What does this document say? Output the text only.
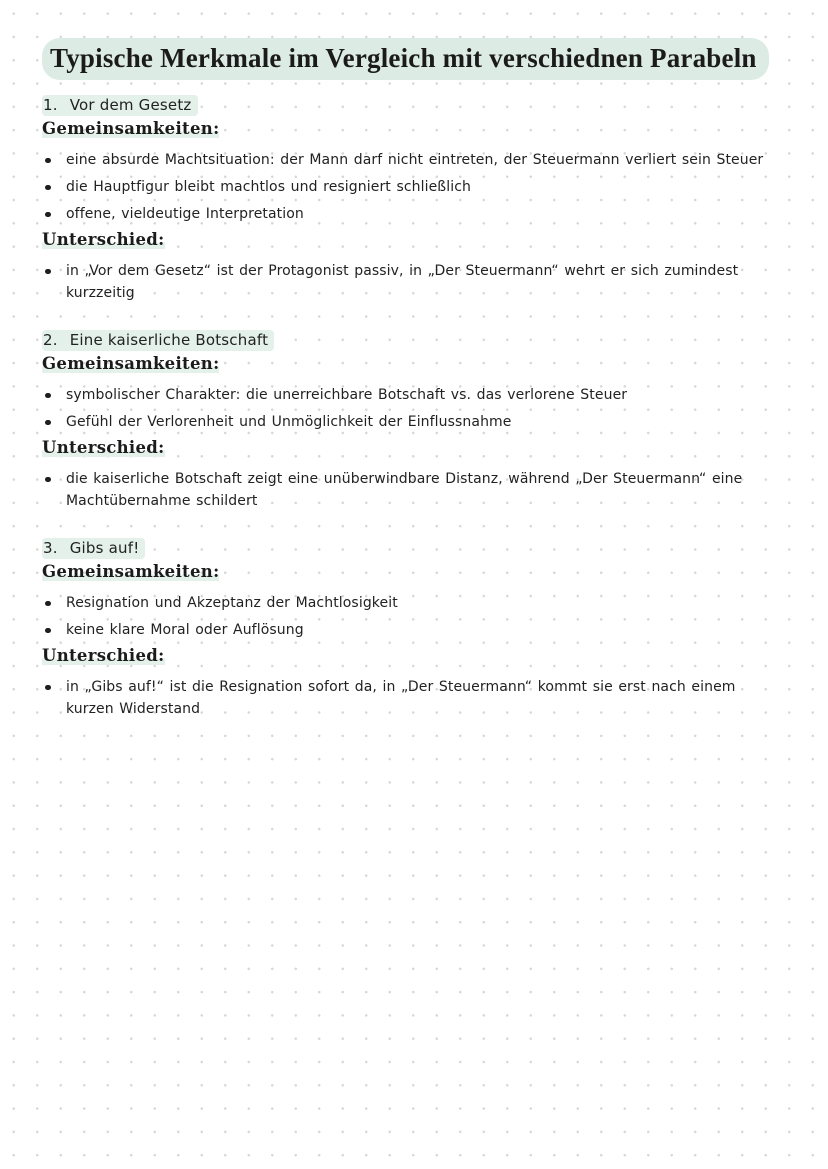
Typische Merkmale im Vergleich mit verschiednen Parabeln
1. Vor dem Gesetz
Gemeinsamkeiten:
eine absurde Machtsituation: der Mann darf nicht eintreten, der Steuermann verliert sein Steuer
die Hauptfigur bleibt machtlos und resigniert schließlich
offene, vieldeutige Interpretation
Unterschied:
in „Vor dem Gesetz“ ist der Protagonist passiv, in „Der Steuermann“ wehrt er sich zumindest kurzzeitig
2. Eine kaiserliche Botschaft
Gemeinsamkeiten:
symbolischer Charakter: die unerreichbare Botschaft vs. das verlorene Steuer
Gefühl der Verlorenheit und Unmöglichkeit der Einflussnahme
Unterschied:
die kaiserliche Botschaft zeigt eine unüberwindbare Distanz, während „Der Steuermann“ eine Machtübernahme schildert
3. Gibs auf!
Gemeinsamkeiten:
Resignation und Akzeptanz der Machtlosigkeit
keine klare Moral oder Auflösung
Unterschied:
in „Gibs auf!“ ist die Resignation sofort da, in „Der Steuermann“ kommt sie erst nach einem kurzen Widerstand
